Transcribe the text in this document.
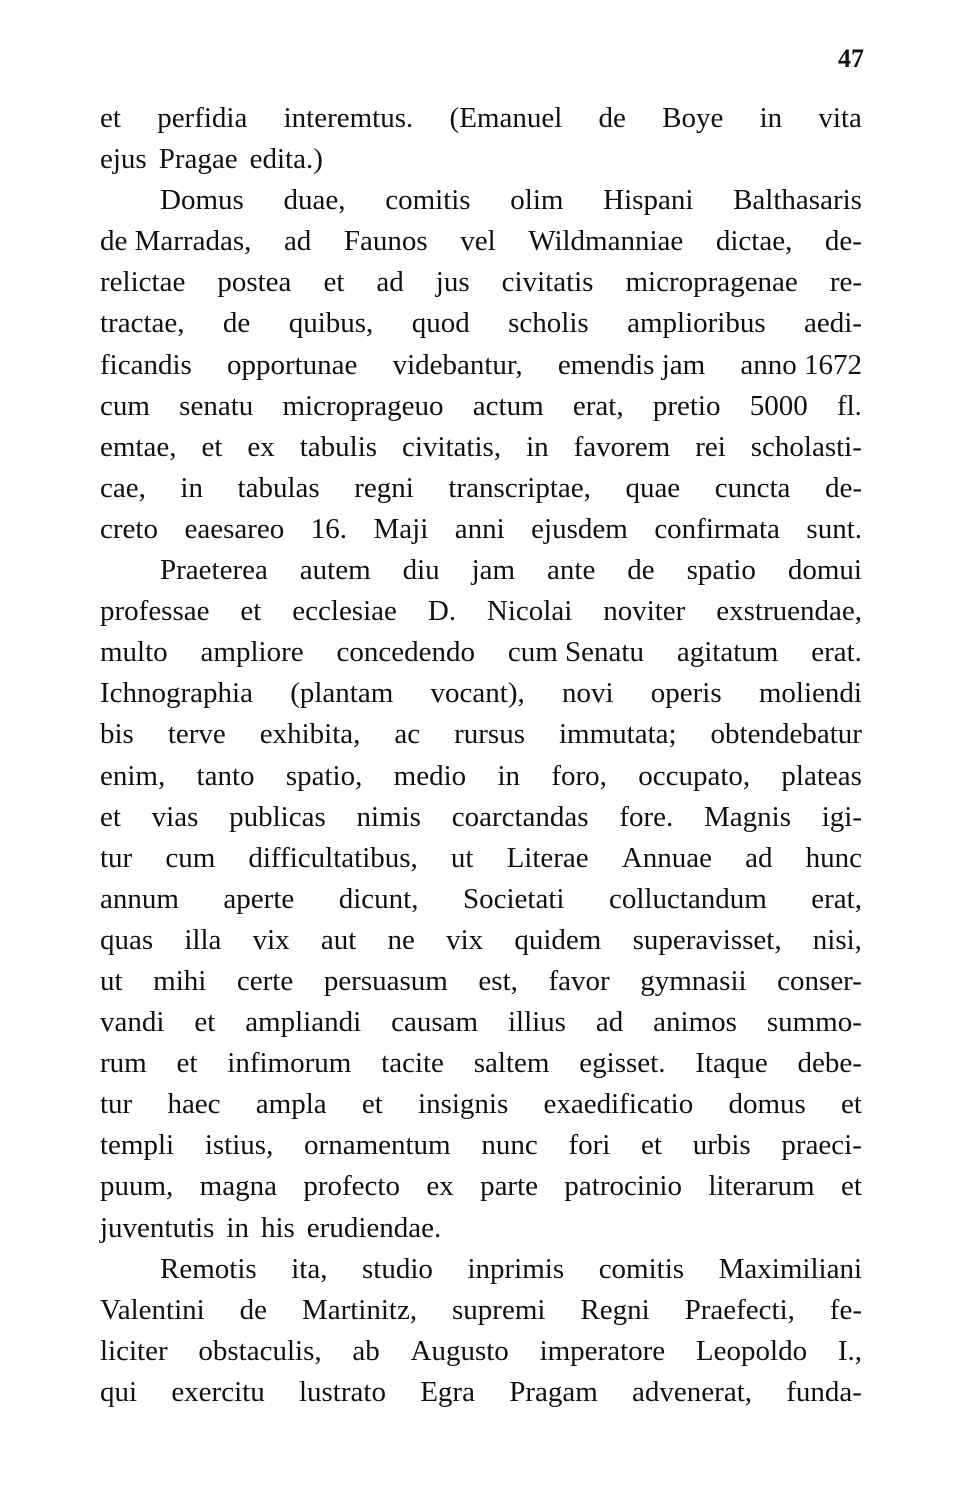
47
et perfidia interemtus. (Emanuel de Boye in vita
ejus Pragae edita.)
Domus duae, comitis olim Hispani Balthasaris
de Marradas, ad Faunos vel Wildmanniae dictae, de-
relictae postea et ad jus civitatis micropragenae re-
tractae, de quibus, quod scholis amplioribus aedi-
ficandis opportunae videbantur, emendis jam anno 1672
cum senatu microprageuo actum erat, pretio 5000 fl.
emtae, et ex tabulis civitatis, in favorem rei scholasti-
cae, in tabulas regni transcriptae, quae cuncta de-
creto eaesareo 16. Maji anni ejusdem confirmata sunt.
Praeterea autem diu jam ante de spatio domui
professae et ecclesiae D. Nicolai noviter exstruendae,
multo ampliore concedendo cum Senatu agitatum erat.
Ichnographia (plantam vocant), novi operis moliendi
bis terve exhibita, ac rursus immutata; obtendebatur
enim, tanto spatio, medio in foro, occupato, plateas
et vias publicas nimis coarctandas fore. Magnis igi-
tur cum difficultatibus, ut Literae Annuae ad hunc
annum aperte dicunt, Societati colluctandum erat,
quas illa vix aut ne vix quidem superavisset, nisi,
ut mihi certe persuasum est, favor gymnasii conser-
vandi et ampliandi causam illius ad animos summo-
rum et infimorum tacite saltem egisset. Itaque debe-
tur haec ampla et insignis exaedificatio domus et
templi istius, ornamentum nunc fori et urbis praeci-
puum, magna profecto ex parte patrocinio literarum et
juventutis in his erudiendae.
Remotis ita, studio inprimis comitis Maximiliani
Valentini de Martinitz, supremi Regni Praefecti, fe-
liciter obstaculis, ab Augusto imperatore Leopoldo I.,
qui exercitu lustrato Egra Pragam advenerat, funda-
